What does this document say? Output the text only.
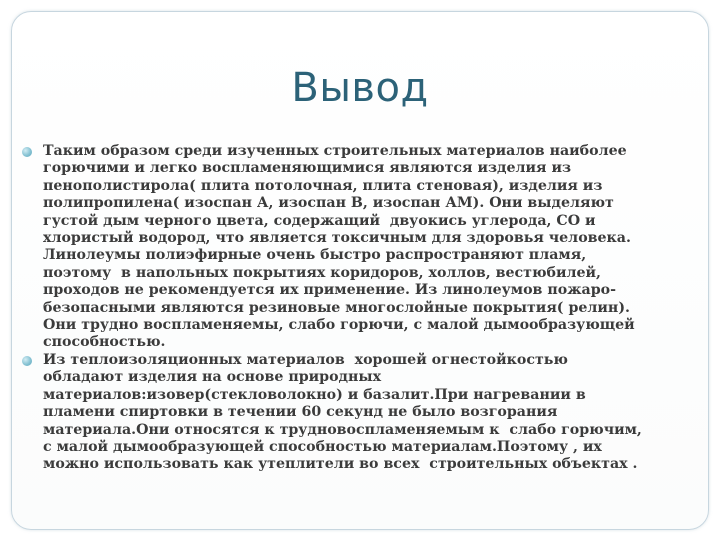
Вывод
Таким образом среди изученных строительных материалов наиболее
горючими и легко воспламеняющимися являются изделия из
пенополистирола( плита потолочная, плита стеновая), изделия из
полипропилена( изоспан А, изоспан В, изоспан АМ). Они выделяют
густой дым черного цвета, содержащий  двуокись углерода, СО и
хлористый водород, что является токсичным для здоровья человека.
Линолеумы полиэфирные очень быстро распространяют пламя,
поэтому  в напольных покрытиях коридоров, холлов, вестюбилей,
проходов не рекомендуется их применение. Из линолеумов пожаро-
безопасными являются резиновые многослойные покрытия( релин).
Они трудно воспламеняемы, слабо горючи, с малой дымообразующей
способностью.
Из теплоизоляционных материалов  хорошей огнестойкостью
обладают изделия на основе природных
материалов:изовер(стекловолокно) и базалит.При нагревании в
пламени спиртовки в течении 60 секунд не было возгорания
материала.Они относятся к трудновоспламеняемым к  слабо горючим,
с малой дымообразующей способностью материалам.Поэтому , их
можно использовать как утеплители во всех  строительных объектах .
